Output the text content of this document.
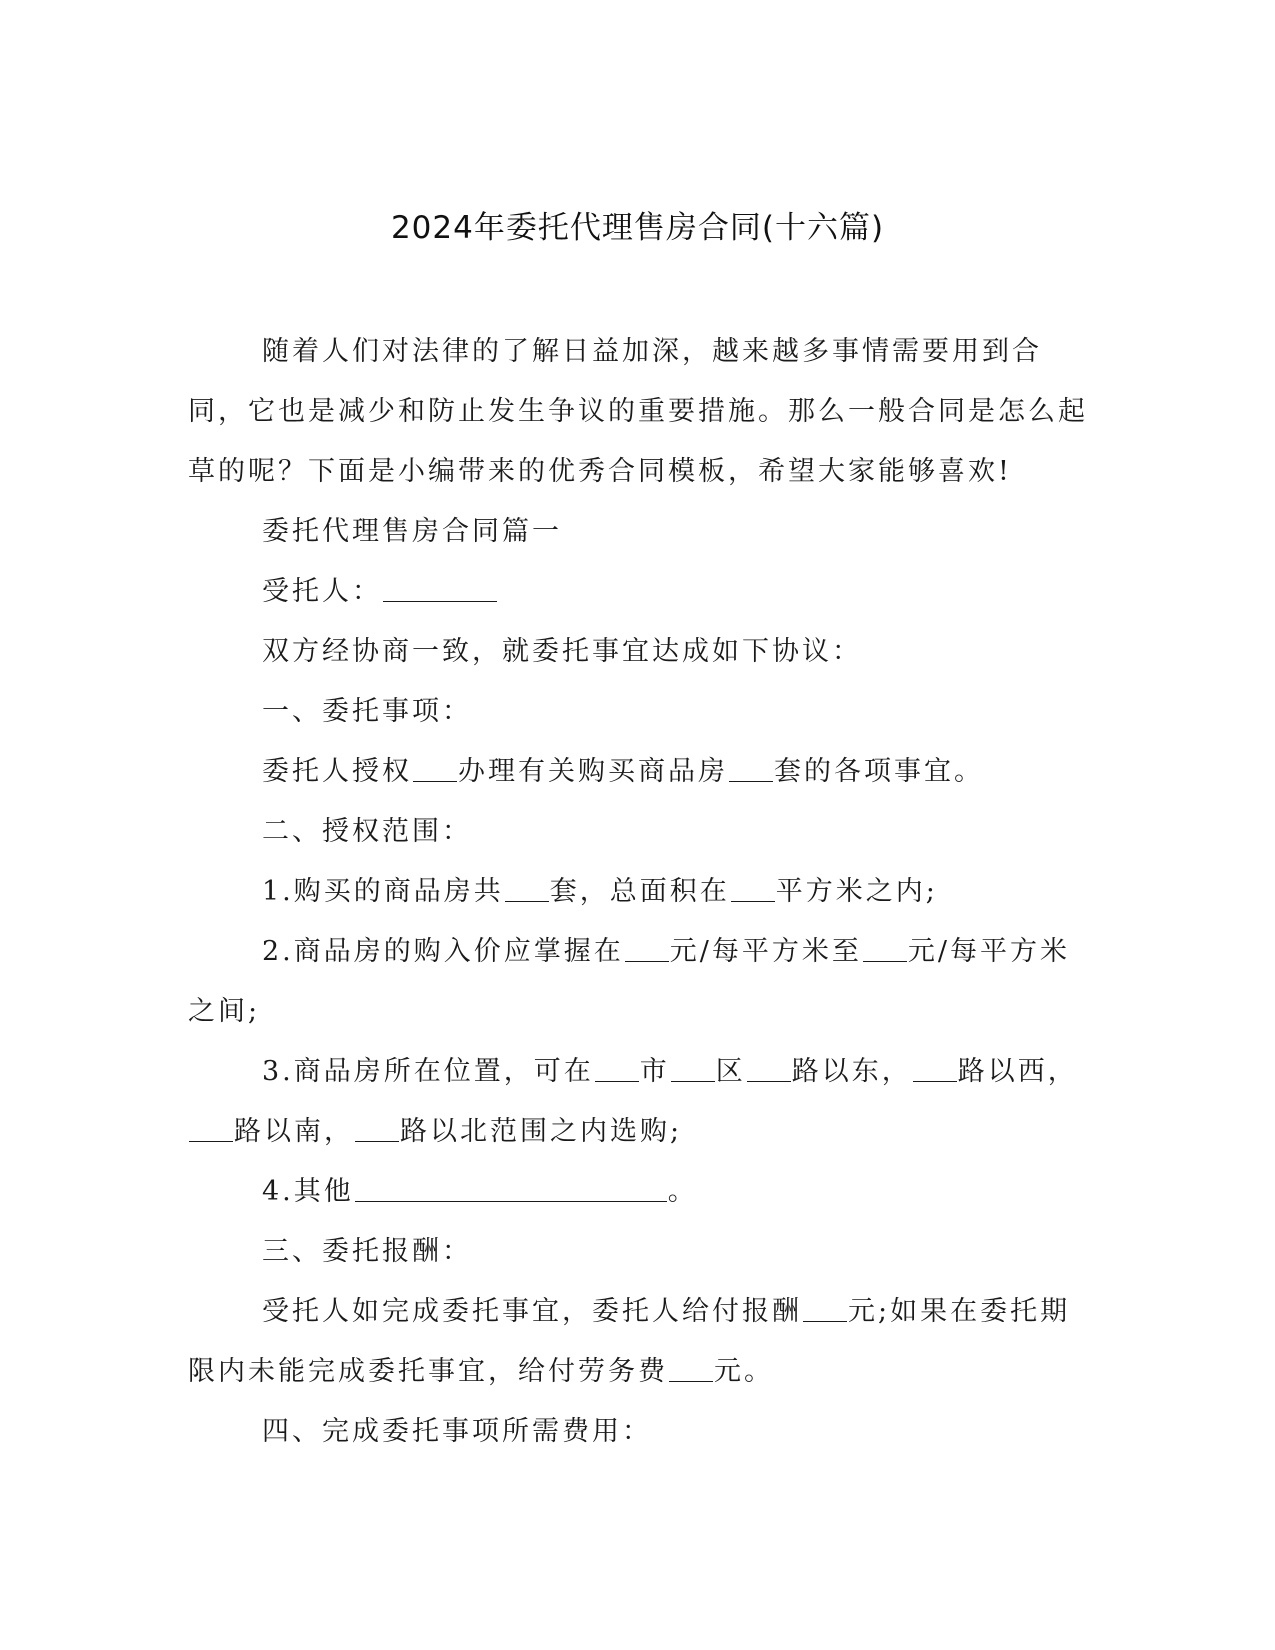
2024年委托代理售房合同(十六篇)

随着人们对法律的了解日益加深，越来越多事情需要用到合同，它也是减少和防止发生争议的重要措施。那么一般合同是怎么起草的呢？下面是小编带来的优秀合同模板，希望大家能够喜欢!

委托代理售房合同篇一

受托人：

双方经协商一致，就委托事宜达成如下协议：

一、委托事项：

委托人授权 办理有关购买商品房 套的各项事宜。

二、授权范围：

1.购买的商品房共 套，总面积在 平方米之内;

2.商品房的购入价应掌握在 元/每平方米至 元/每平方米之间;

3.商品房所在位置，可在 市 区 路以东， 路以西，路以南， 路以北范围之内选购;

4.其他	。

三、委托报酬：

受托人如完成委托事宜，委托人给付报酬 元;如果在委托期限内未能完成委托事宜，给付劳务费 元。

四、完成委托事项所需费用：
